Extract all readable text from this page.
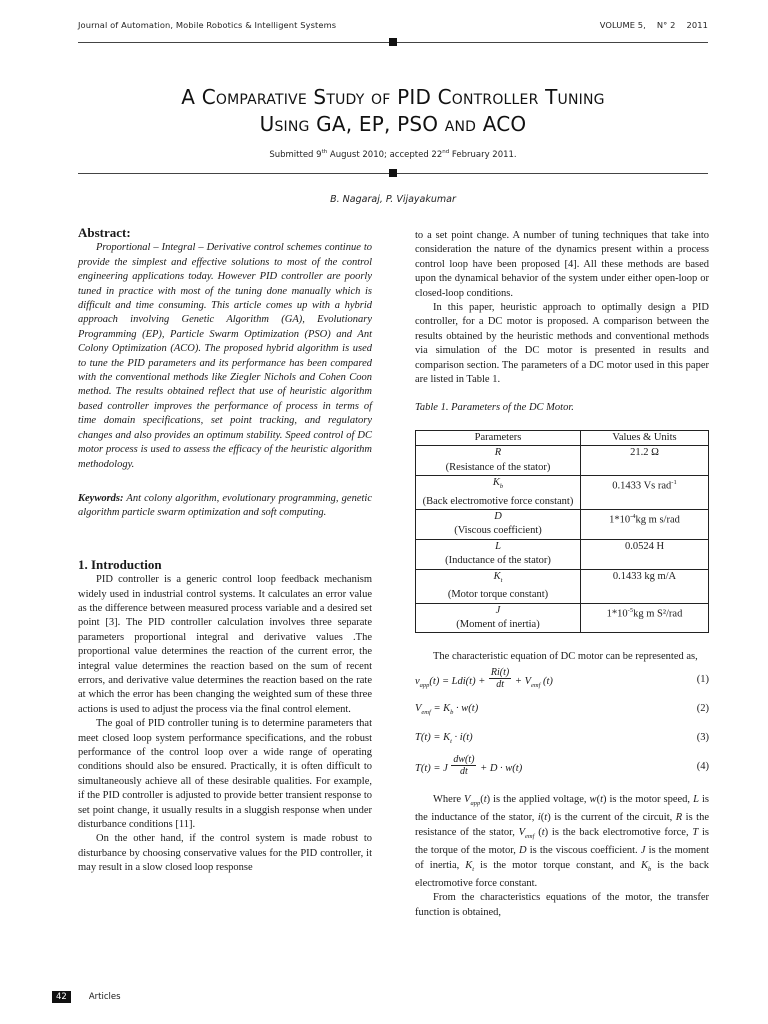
Journal of Automation, Mobile Robotics & Intelligent Systems	VOLUME 5, N° 2 2011
A Comparative Study of PID Controller Tuning
Using GA, EP, PSO and ACO
Submitted 9th August 2010; accepted 22nd February 2011.
B. Nagaraj, P. Vijayakumar
Abstract:

Proportional – Integral – Derivative control schemes continue to provide the simplest and effective solutions to most of the control engineering applications today. However PID controller are poorly tuned in practice with most of the tuning done manually which is difficult and time consuming. This article comes up with a hybrid approach involving Genetic Algorithm (GA), Evolutionary Programming (EP), Particle Swarm Optimization (PSO) and Ant Colony Optimization (ACO). The proposed hybrid algorithm is used to tune the PID parameters and its performance has been compared with the conventional methods like Ziegler Nichols and Cohen Coon method. The results obtained reflect that use of heuristic algorithm based controller improves the performance of process in terms of time domain specifications, set point tracking, and regulatory changes and also provides an optimum stability. Speed control of DC motor process is used to assess the efficacy of the heuristic algorithm methodology.

Keywords: Ant colony algorithm, evolutionary programming, genetic algorithm particle swarm optimization and soft computing.

1. Introduction

PID controller is a generic control loop feedback mechanism widely used in industrial control systems. It calculates an error value as the difference between measured process variable and a desired set point [3]. The PID controller calculation involves three separate parameters proportional integral and derivative values .The proportional value determines the reaction of the current error, the integral value determines the reaction based on the sum of recent errors, and derivative value determines the reaction based on the rate at which the error has been changing the weighted sum of these three actions is used to adjust the process via the final control element.

The goal of PID controller tuning is to determine parameters that meet closed loop system performance specifications, and the robust performance of the control loop over a wide range of operating conditions should also be ensured. Practically, it is often difficult to simultaneously achieve all of these desirable qualities. For example, if the PID controller is adjusted to provide better transient response to set point change, it usually results in a sluggish response when under disturbance conditions [11].

On the other hand, if the control system is made robust to disturbance by choosing conservative values for the PID controller, it may result in a slow closed loop response

to a set point change. A number of tuning techniques that take into consideration the nature of the dynamics present within a process control loop have been proposed [4]. All these methods are based upon the dynamical behavior of the system under either open-loop or closed-loop conditions.

In this paper, heuristic approach to optimally design a PID controller, for a DC motor is proposed. A comparison between the results obtained by the heuristic methods and conventional methods via simulation of the DC motor is presented in results and comparison section. The parameters of a DC motor used in this paper are listed in Table 1.

Table 1. Parameters of the DC Motor.

Parameters	Values & Units

R
(Resistance of the stator)	21.2 Ω

$K_b$
(Back electromotive force constant)	0.1433 Vs rad$^{-1}$

D
(Viscous coefficient)	$1*10^{-4}kg$ m s/rad

L
(Inductance of the stator)	0.0524 H

$K_t$
(Motor torque constant)	0.1433 kg m/A

J
(Moment of inertia)	$1*10^{-5}kg$ m S²/rad

The characteristic equation of DC motor can be represented as,

$v_{app}(t) = Ldi(t) + \frac{Ri(t)}{dt} + V_{emf}$ (t)	(1)
$V_{emf} = K_b \cdot w(t)$	(2)
$T(t) = K_t \cdot i(t)$	(3)
T(t) = J $\frac{dw(t)}{dt} + D \cdot w(t)$	(4)

Where $V_{app}(t)$ is the applied voltage, w(t) is the motor speed, L is the inductance of the stator, i(t) is the current of the circuit, R is the resistance of the stator, $V_{emf}$ (t) is the back electromotive force, T is the torque of the motor, D is the viscous coefficient. J is the moment of inertia, $K_t$ is the motor torque constant, and $K_b$ is the back electromotive force constant.

From the characteristics equations of the motor, the transfer function is obtained,

42	Articles
